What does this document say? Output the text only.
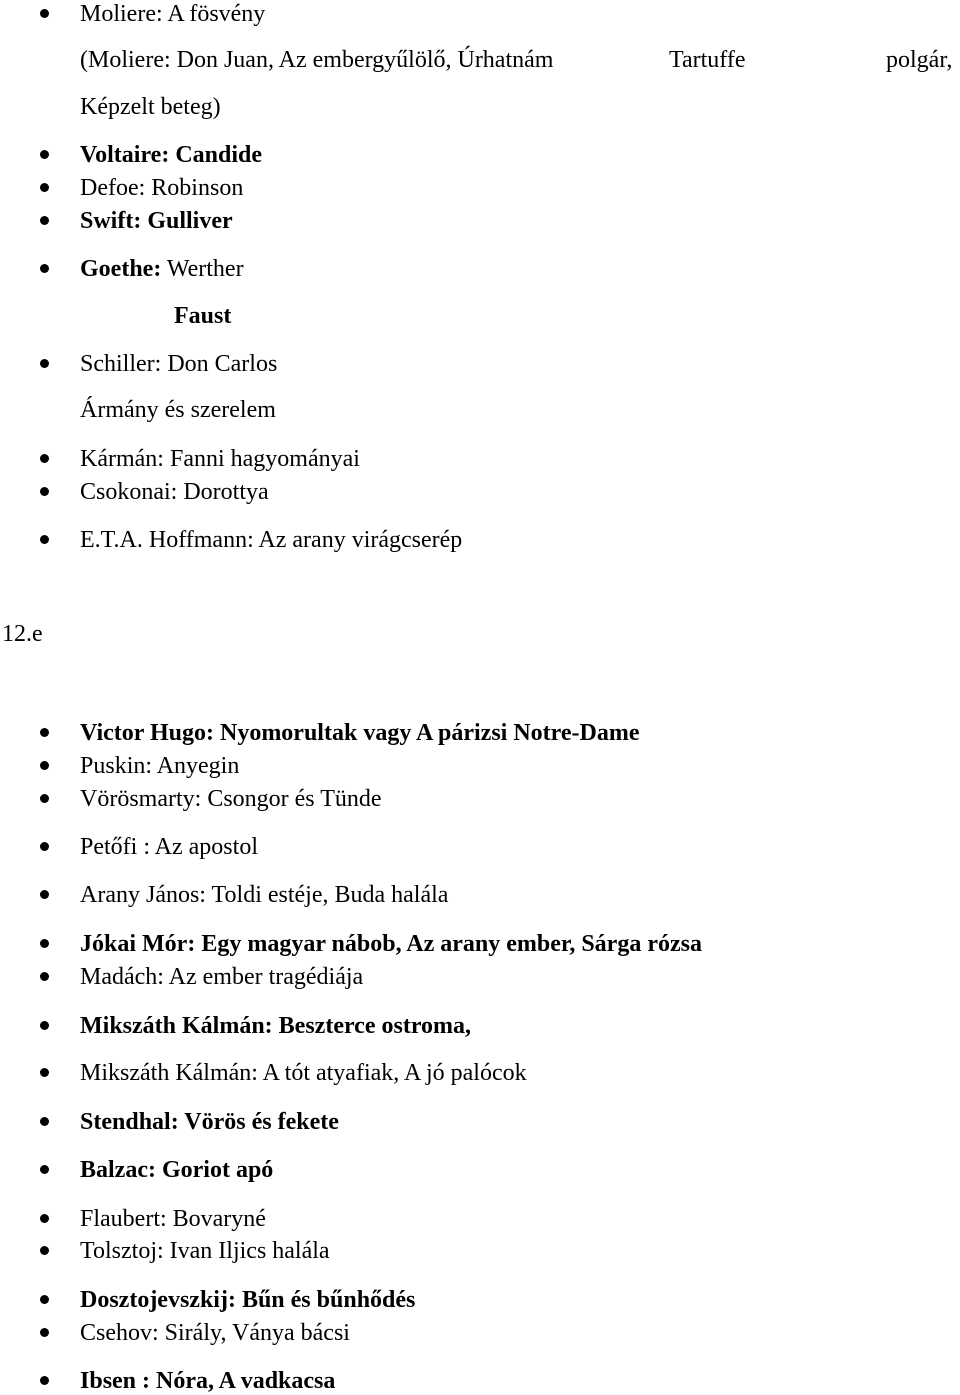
Moliere: A fösvény
(Moliere: Don Juan, Az embergyűlölő, Úrhatnám	Tartuffe	polgár,
Képzelt beteg)
Voltaire: Candide
Defoe: Robinson
Swift: Gulliver
Goethe: Werther
Faust
Schiller: Don Carlos
Ármány és szerelem
Kármán: Fanni hagyományai
Csokonai: Dorottya
E.T.A. Hoffmann: Az arany virágcserép
12.e
Victor Hugo: Nyomorultak vagy A párizsi Notre-Dame
Puskin: Anyegin
Vörösmarty: Csongor és Tünde
Petőfi : Az apostol
Arany János: Toldi estéje, Buda halála
Jókai Mór: Egy magyar nábob, Az arany ember, Sárga rózsa
Madách: Az ember tragédiája
Mikszáth Kálmán: Beszterce ostroma,
Mikszáth Kálmán: A tót atyafiak, A jó palócok
Stendhal: Vörös és fekete
Balzac: Goriot apó
Flaubert: Bovaryné
Tolsztoj: Ivan Iljics halála
Dosztojevszkij: Bűn és bűnhődés
Csehov: Sirály, Ványa bácsi
Ibsen : Nóra, A vadkacsa
